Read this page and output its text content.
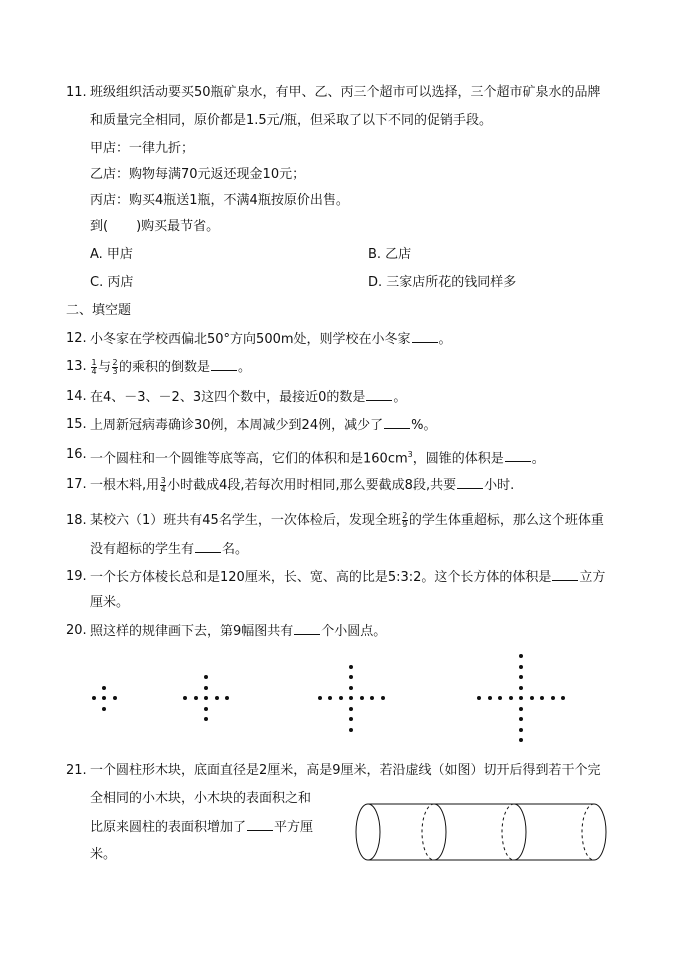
11. 班级组织活动要买50瓶矿泉水，有甲、乙、丙三个超市可以选择，三个超市矿泉水的品牌
和质量完全相同，原价都是1.5元/瓶，但采取了以下不同的促销手段。
甲店：一律九折；
乙店：购物每满70元返还现金10元；
丙店：购买4瓶送1瓶，不满4瓶按原价出售。
到( )购买最节省。
A. 甲店	B. 乙店
C. 丙店	D. 三家店所花的钱同样多
二、填空题
12. 小冬家在学校西偏北50°方向500m处，则学校在小冬家 。
13. $\frac{1}{4}$ 与 $\frac{2}{3}$ 的乘积的倒数是 。
14. 在4、－3、－2、3这四个数中，最接近0的数是 。
15. 上周新冠病毒确诊30例，本周减少到24例，减少了 %。
16. 一个圆柱和一个圆锥等底等高，它们的体积和是$160cm^3$，圆锥的体积是 。
17. 一根木料,用 $\frac{3}{4}$ 小时截成4段,若每次用时相同,那么要截成8段,共要 小时.
18. 某校六（1）班共有45名学生，一次体检后，发现全班 $\frac{2}{9}$ 的学生体重超标，那么这个班体重
没有超标的学生有 名。
19. 一个长方体棱长总和是120厘米，长、宽、高的比是5:3:2。这个长方体的体积是 立方
厘米。
20. 照这样的规律画下去，第9幅图共有 个小圆点。
21. 一个圆柱形木块，底面直径是2厘米，高是9厘米，若沿虚线（如图）切开后得到若干个完
全相同的小木块，小木块的表面积之和
比原来圆柱的表面积增加了 平方厘
米。
